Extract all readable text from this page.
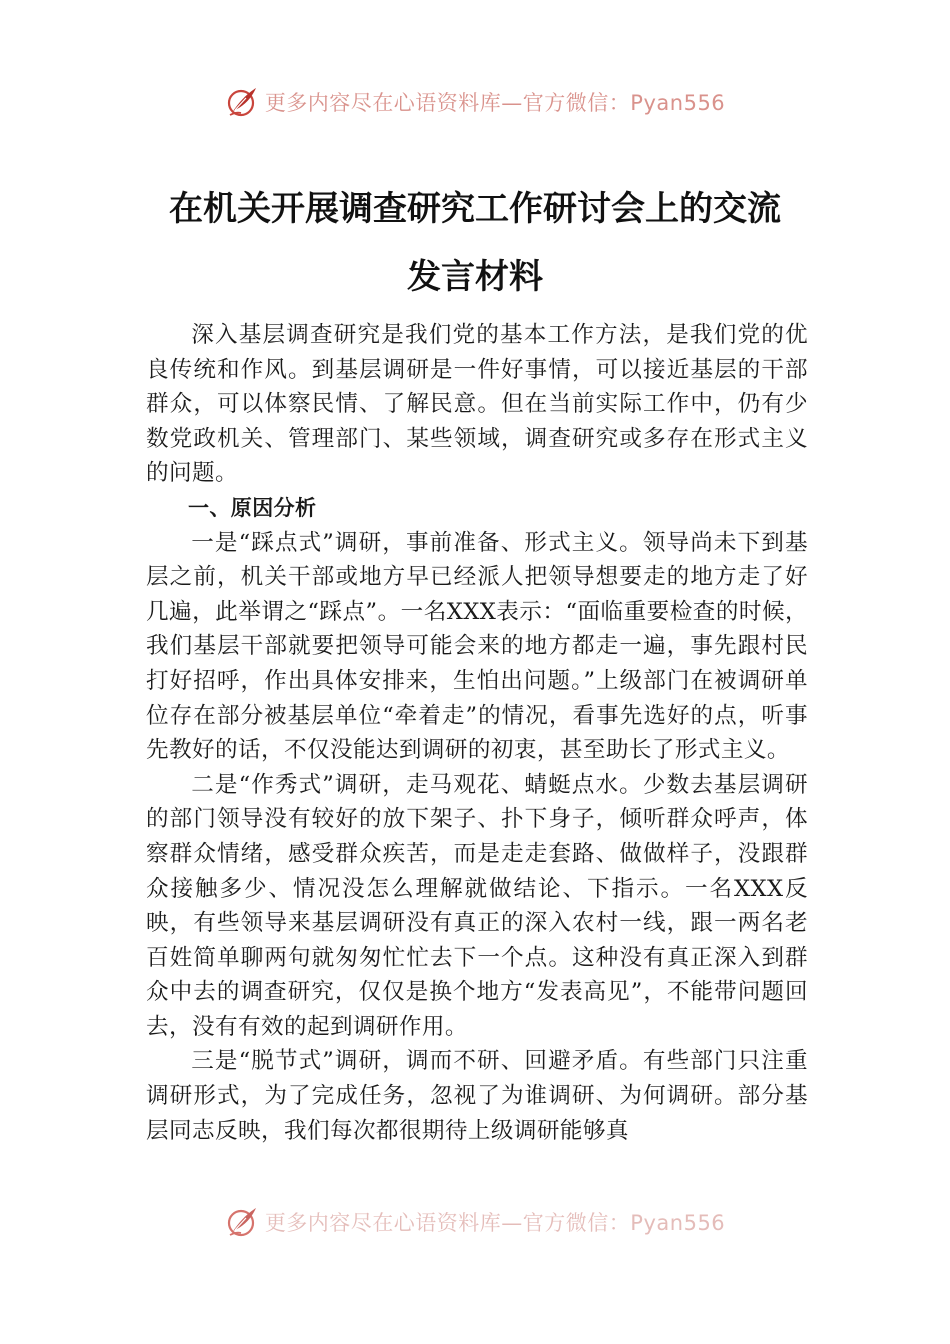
更多内容尽在心语资料库—官方微信：Pyan556
在机关开展调查研究工作研讨会上的交流
发言材料

深入基层调查研究是我们党的基本工作方法，是我们党的优良传统和作风。到基层调研是一件好事情，可以接近基层的干部群众，可以体察民情、了解民意。但在当前实际工作中，仍有少数党政机关、管理部门、某些领域，调查研究或多存在形式主义的问题。

一、原因分析

一是“踩点式”调研，事前准备、形式主义。领导尚未下到基层之前，机关干部或地方早已经派人把领导想要走的地方走了好几遍，此举谓之“踩点”。一名XXX表示：“面临重要检查的时候，我们基层干部就要把领导可能会来的地方都走一遍，事先跟村民打好招呼，作出具体安排来，生怕出问题。”上级部门在被调研单位存在部分被基层单位“牵着走”的情况，看事先选好的点，听事先教好的话，不仅没能达到调研的初衷，甚至助长了形式主义。

二是“作秀式”调研，走马观花、蜻蜓点水。少数去基层调研的部门领导没有较好的放下架子、扑下身子，倾听群众呼声，体察群众情绪，感受群众疾苦，而是走走套路、做做样子，没跟群众接触多少、情况没怎么理解就做结论、下指示。一名XXX反映，有些领导来基层调研没有真正的深入农村一线，跟一两名老百姓简单聊两句就匆匆忙忙去下一个点。这种没有真正深入到群众中去的调查研究，仅仅是换个地方“发表高见”，不能带问题回去，没有有效的起到调研作用。

三是“脱节式”调研，调而不研、回避矛盾。有些部门只注重调研形式，为了完成任务，忽视了为谁调研、为何调研。部分基层同志反映，我们每次都很期待上级调研能够真

更多内容尽在心语资料库—官方微信：Pyan556
